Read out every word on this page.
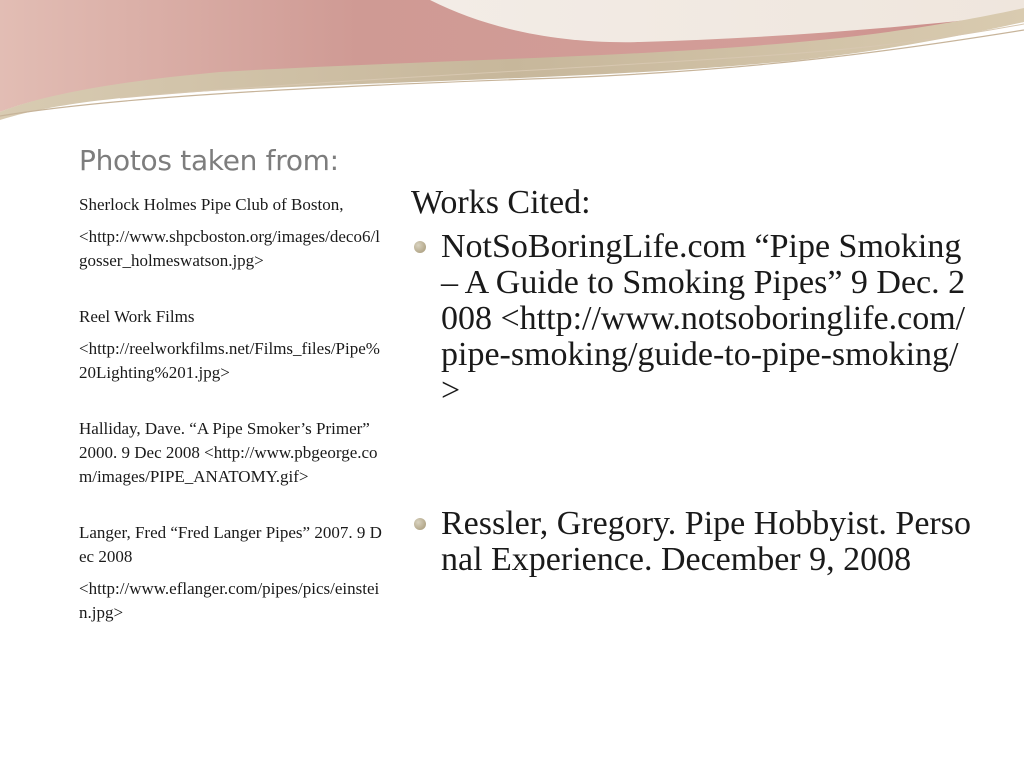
Photos taken from:

Sherlock Holmes Pipe Club of Boston,

<http://www.shpcboston.org/images/deco6/lgosser_holmeswatson.jpg>

Reel Work Films

<http://reelworkfilms.net/Films_files/Pipe%20Lighting%201.jpg>

Halliday, Dave. “A Pipe Smoker’s Primer” 2000. 9 Dec 2008 <http://www.pbgeorge.com/images/PIPE_ANATOMY.gif>

Langer, Fred “Fred Langer Pipes” 2007. 9 Dec 2008

<http://www.eflanger.com/pipes/pics/einstein.jpg>

Works Cited:
NotSoBoringLife.com “Pipe Smoking – A Guide to Smoking Pipes” 9 Dec. 2008 <http://www.notsoboringlife.com/pipe-smoking/guide-to-pipe-smoking/>
Ressler, Gregory. Pipe Hobbyist. Personal Experience. December 9, 2008
